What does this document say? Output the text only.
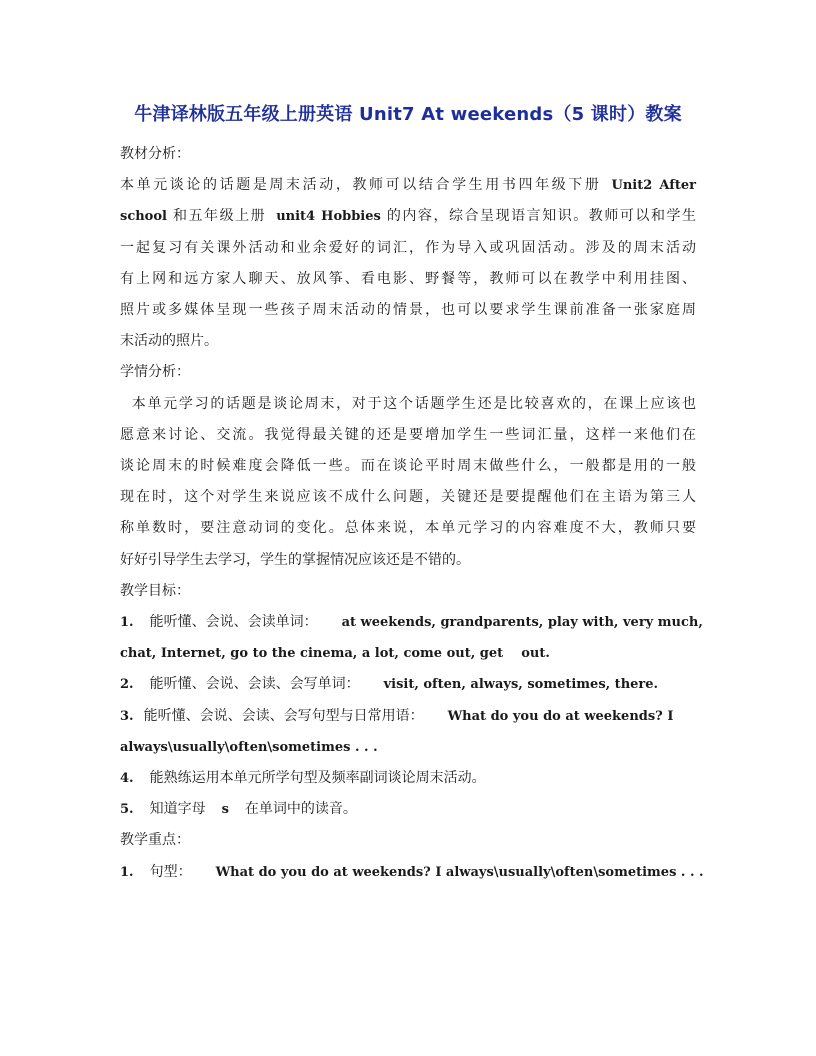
牛津译林版五年级上册英语 Unit7 At weekends（5 课时）教案
教材分析：
本单元谈论的话题是周末活动，教师可以结合学生用书四年级下册 Unit2 After
school 和五年级上册 unit4 Hobbies 的内容，综合呈现语言知识。教师可以和学生
一起复习有关课外活动和业余爱好的词汇，作为导入或巩固活动。涉及的周末活动
有上网和远方家人聊天、放风筝、看电影、野餐等，教师可以在教学中利用挂图、
照片或多媒体呈现一些孩子周末活动的情景，也可以要求学生课前准备一张家庭周
末活动的照片。
学情分析：
本单元学习的话题是谈论周末，对于这个话题学生还是比较喜欢的，在课上应该也
愿意来讨论、交流。我觉得最关键的还是要增加学生一些词汇量，这样一来他们在
谈论周末的时候难度会降低一些。而在谈论平时周末做些什么，一般都是用的一般
现在时，这个对学生来说应该不成什么问题，关键还是要提醒他们在主语为第三人
称单数时，要注意动词的变化。总体来说，本单元学习的内容难度不大，教师只要
好好引导学生去学习，学生的掌握情况应该还是不错的。
教学目标：
1. 能听懂、会说、会读单词： at weekends, grandparents, play with, very much,
chat, Internet, go to the cinema, a lot, come out, get    out.
2. 能听懂、会说、会读、会写单词： visit, often, always, sometimes, there.
3. 能听懂、会说、会读、会写句型与日常用语： What do you do at weekends? I
always\usually\often\sometimes . . .
4. 能熟练运用本单元所学句型及频率副词谈论周末活动。
5. 知道字母 s 在单词中的读音。
教学重点：
1. 句型： What do you do at weekends? I always\usually\often\sometimes . . .
